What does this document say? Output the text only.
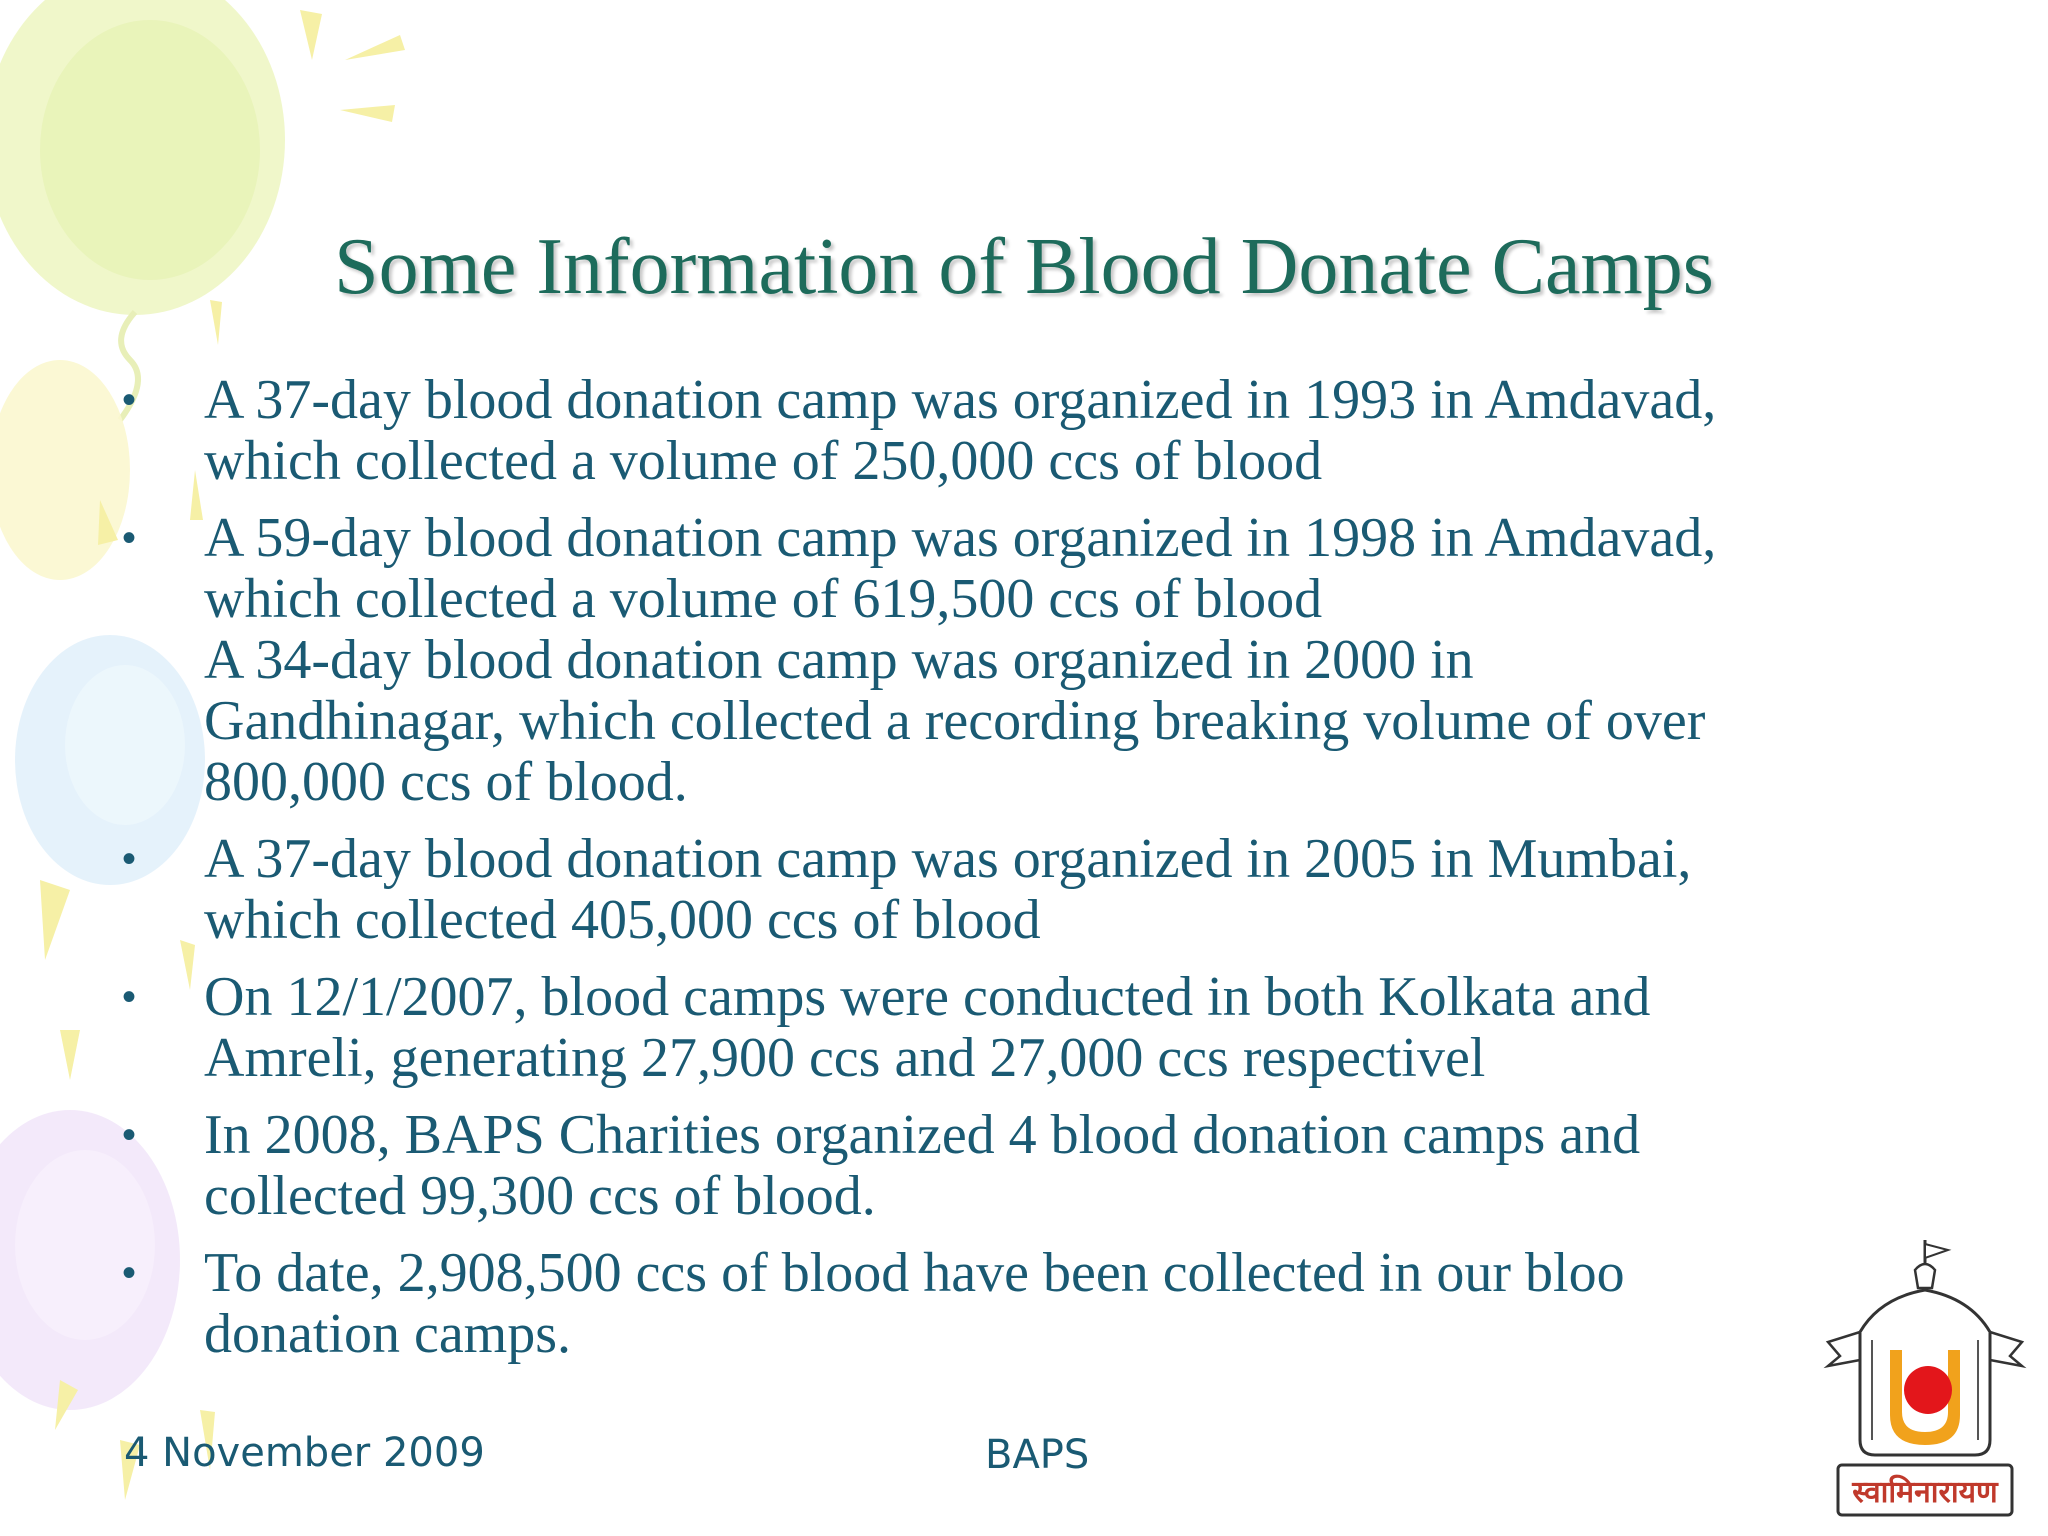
Some Information of Blood Donate Camps
• A 37-day blood donation camp was organized in 1993 in Amdavad,
which collected a volume of 250,000 ccs of blood
• A 59-day blood donation camp was organized in 1998 in Amdavad,
which collected a volume of 619,500 ccs of blood
A 34-day blood donation camp was organized in 2000 in
Gandhinagar, which collected a recording breaking volume of over
800,000 ccs of blood.
• A 37-day blood donation camp was organized in 2005 in Mumbai,
which collected 405,000 ccs of blood
• On 12/1/2007, blood camps were conducted in both Kolkata and
Amreli, generating 27,900 ccs and 27,000 ccs respectivel
• In 2008, BAPS Charities organized 4 blood donation camps and
collected 99,300 ccs of blood.
• To date, 2,908,500 ccs of blood have been collected in our bloo
donation camps.
4 November 2009	BAPS
स्वामिनारायण
